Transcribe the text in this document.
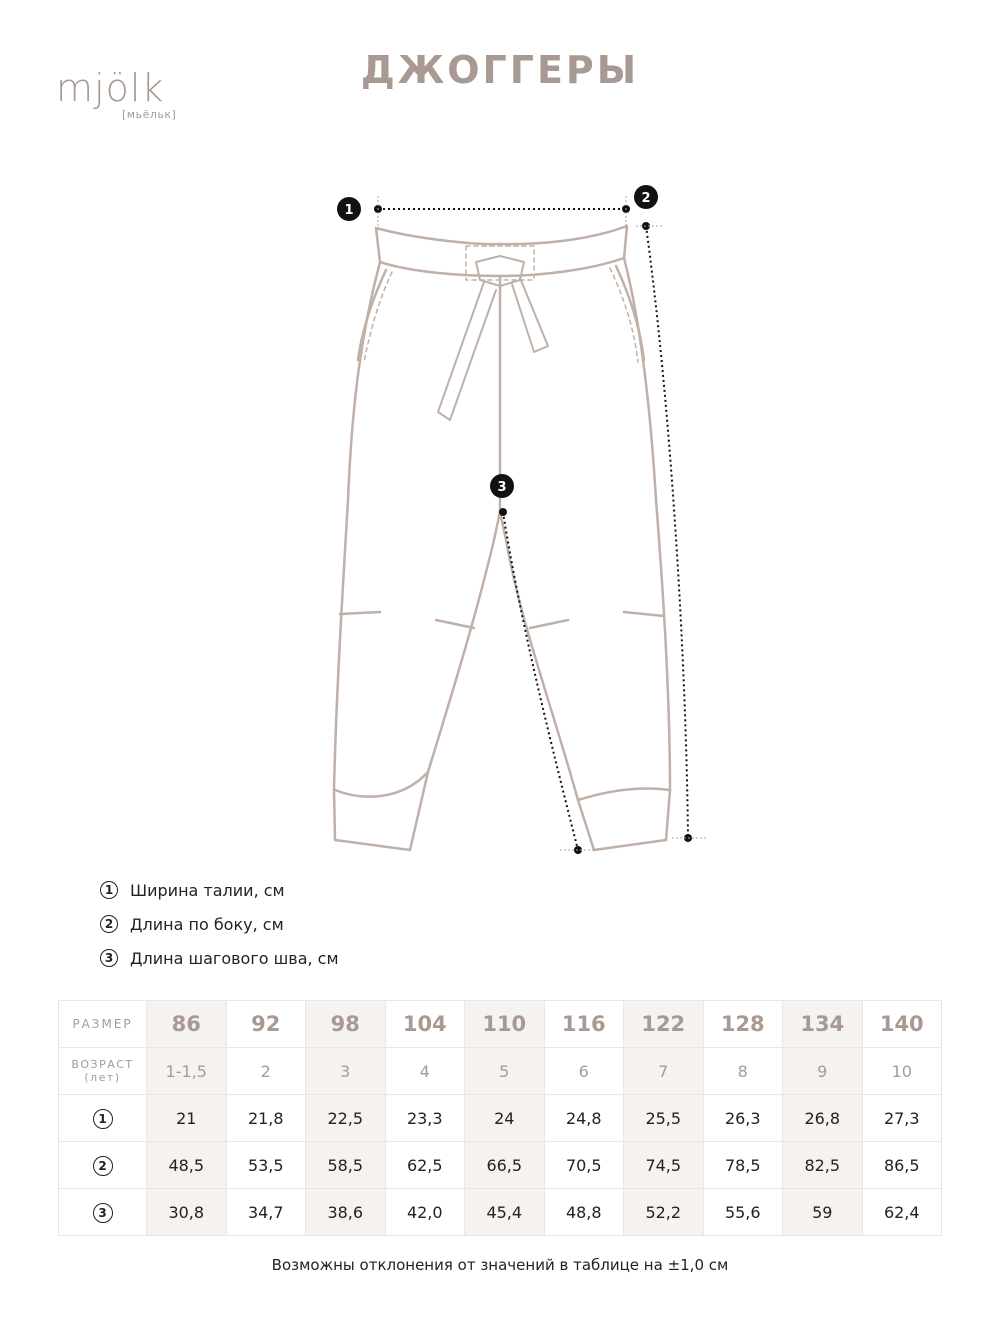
mjölk
[мьёльк]
ДЖОГГЕРЫ
1
2
3
1	Ширина талии, см
2	Длина по боку, см
3	Длина шагового шва, см
РАЗМЕР	86	92	98	104	110	116	122	128	134	140

ВОЗРАСТ
(лет)	1-1,5	2	3	4	5	6	7	8	9	10
1	21	21,8	22,5	23,3	24	24,8	25,5	26,3	26,8	27,3
2	48,5	53,5	58,5	62,5	66,5	70,5	74,5	78,5	82,5	86,5
3	30,8	34,7	38,6	42,0	45,4	48,8	52,2	55,6	59	62,4
Возможны отклонения от значений в таблице на ±1,0 см
